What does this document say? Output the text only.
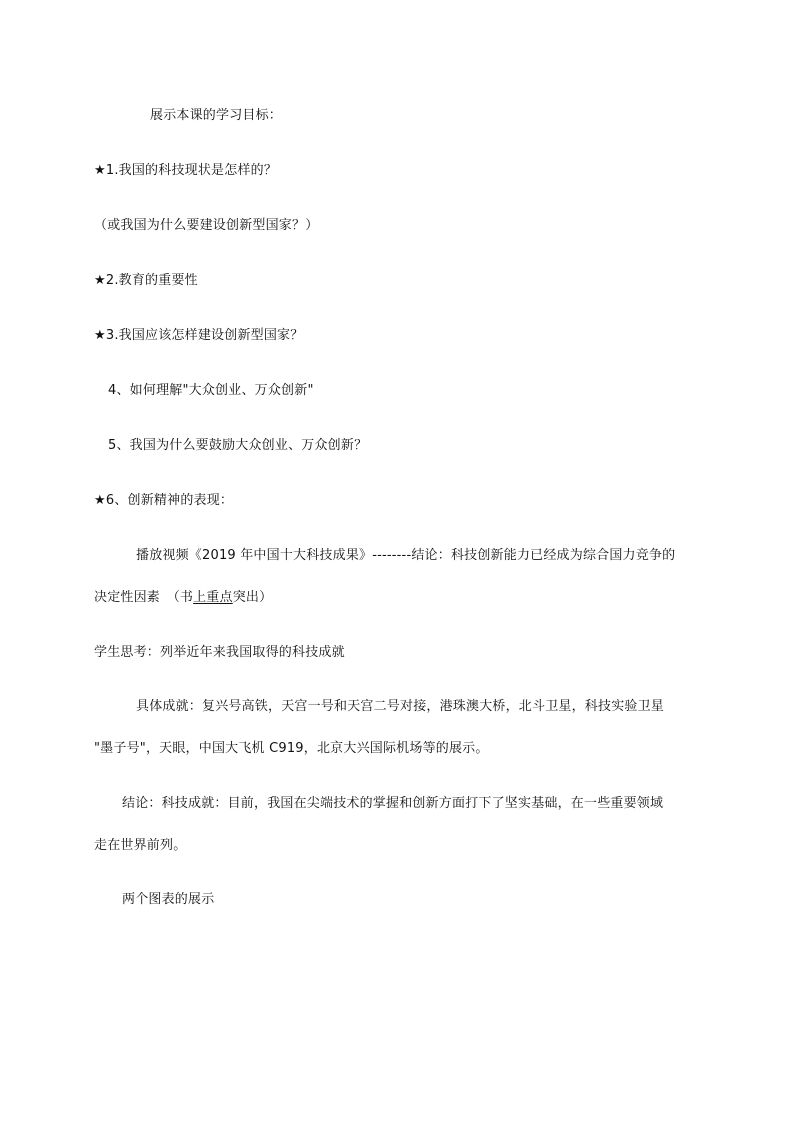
展示本课的学习目标：
★1.我国的科技现状是怎样的？
（或我国为什么要建设创新型国家？）
★2.教育的重要性
★3.我国应该怎样建设创新型国家？
4、如何理解"大众创业、万众创新"
5、我国为什么要鼓励大众创业、万众创新？
★6、创新精神的表现：
播放视频《2019 年中国十大科技成果》--------结论：科技创新能力已经成为综合国力竞争的
决定性因素　（书上重点突出）
学生思考：列举近年来我国取得的科技成就
具体成就：复兴号高铁，天宫一号和天宫二号对接，港珠澳大桥，北斗卫星，科技实验卫星
"墨子号"，天眼，中国大飞机 C919，北京大兴国际机场等的展示。
结论：科技成就：目前，我国在尖端技术的掌握和创新方面打下了坚实基础，在一些重要领域
走在世界前列。
两个图表的展示
